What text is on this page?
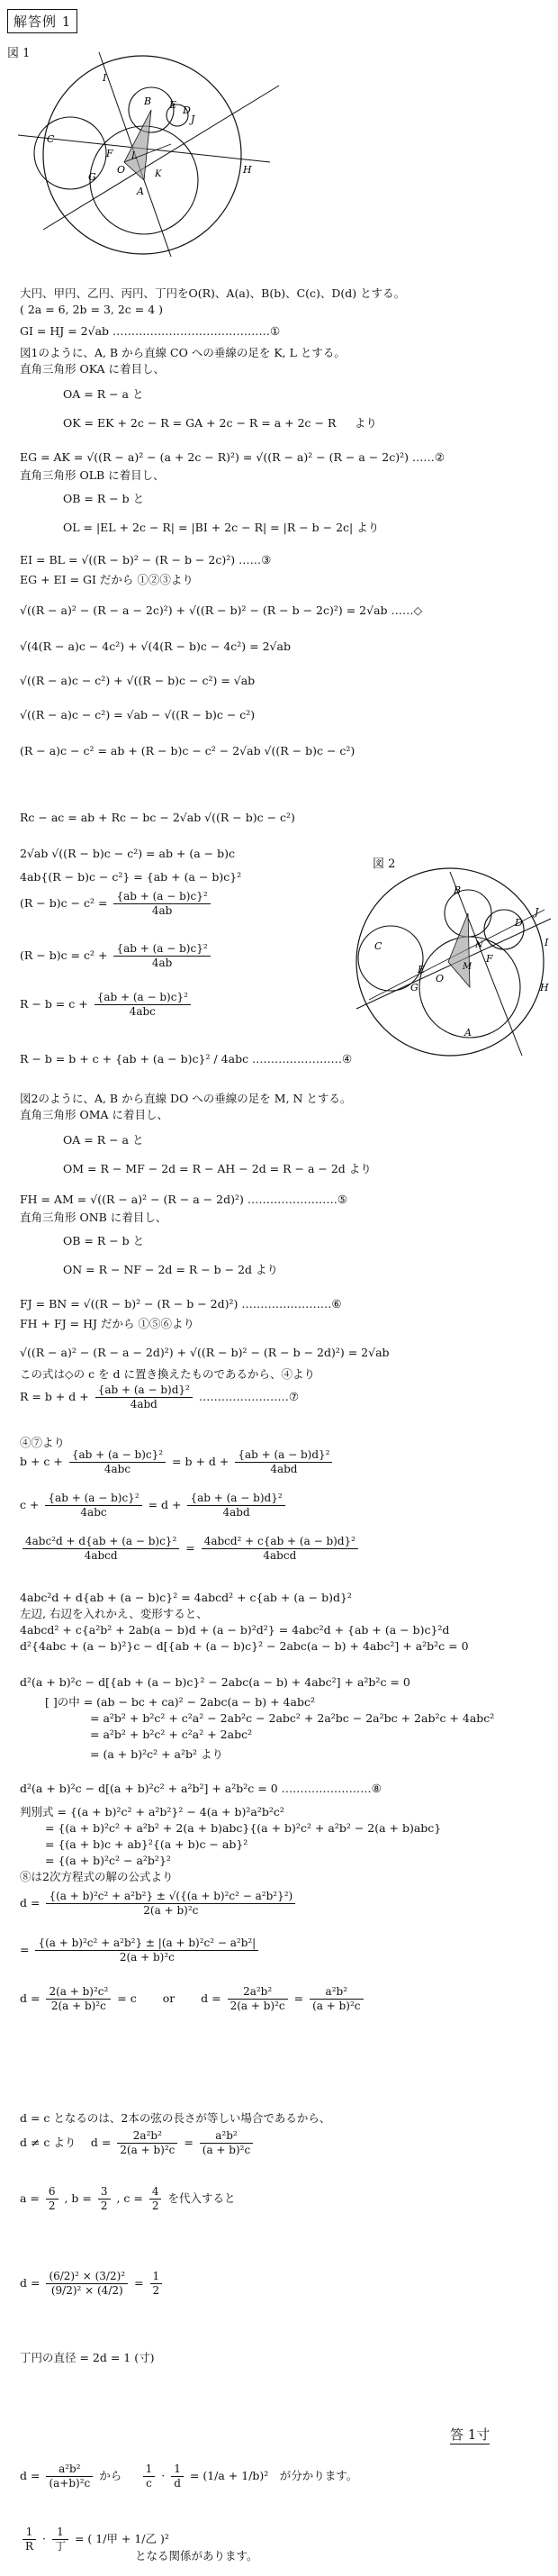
解答例 1
図 1
I
B E D
J
C
F L
K
A
G
O	H
図 2
B
D
C	N
M
J
I
E
F
G
O
H
A
大円、甲円、乙円、丙円、丁円をO(R)、A(a)、B(b)、C(c)、D(d) とする。
( 2a = 6, 2b = 3, 2c = 4 )
GI = HJ = 2√ab ……………………………………①
図1のように、A, B から直線 CO への垂線の足を K, L とする。
直角三角形 OKA に着目し、
OA = R − a と
OK = EK + 2c − R = GA + 2c − R = a + 2c − R 　 より
EG = AK = √((R − a)² − (a + 2c − R)²) = √((R − a)² − (R − a − 2c)²) ……②
直角三角形 OLB に着目し、
OB = R − b と
OL = |EL + 2c − R| = |BI + 2c − R| = |R − b − 2c| より
EI = BL = √((R − b)² − (R − b − 2c)²) ……③
EG + EI = GI だから ①②③より
√((R − a)² − (R − a − 2c)²) + √((R − b)² − (R − b − 2c)²) = 2√ab ……◇
√(4(R − a)c − 4c²) + √(4(R − b)c − 4c²) = 2√ab
√((R − a)c − c²) + √((R − b)c − c²) = √ab
√((R − a)c − c²) = √ab − √((R − b)c − c²)
(R − a)c − c² = ab + (R − b)c − c² − 2√ab √((R − b)c − c²)
Rc − ac = ab + Rc − bc − 2√ab √((R − b)c − c²)
2√ab √((R − b)c − c²) = ab + (a − b)c
4ab{(R − b)c − c²} = {ab + (a − b)c}²
R − b = b + c + {ab + (a − b)c}² / 4abc ……………………④
図2のように、A, B から直線 DO への垂線の足を M, N とする。
直角三角形 OMA に着目し、
OA = R − a と
OM = R − MF − 2d = R − AH − 2d = R − a − 2d より
FH = AM = √((R − a)² − (R − a − 2d)²) ……………………⑤
直角三角形 ONB に着目し、
OB = R − b と
ON = R − NF − 2d = R − b − 2d より
FJ = BN = √((R − b)² − (R − b − 2d)²) ……………………⑥
FH + FJ = HJ だから ①⑤⑥より
√((R − a)² − (R − a − 2d)²) + √((R − b)² − (R − b − 2d)²) = 2√ab
この式は◇の c を d に置き換えたものであるから、④より
④⑦より
4abc²d + d{ab + (a − b)c}² = 4abcd² + c{ab + (a − b)d}²
左辺, 右辺を入れかえ、変形すると、
4abcd² + c{a²b² + 2ab(a − b)d + (a − b)²d²} = 4abc²d + {ab + (a − b)c}²d
d²{4abc + (a − b)²}c − d[{ab + (a − b)c}² − 2abc(a − b) + 4abc²] + a²b²c = 0
d²(a + b)²c − d[{ab + (a − b)c}² − 2abc(a − b) + 4abc²] + a²b²c = 0
[ ]の中 = (ab − bc + ca)² − 2abc(a − b) + 4abc²
= a²b² + b²c² + c²a² − 2ab²c − 2abc² + 2a²bc − 2a²bc + 2ab²c + 4abc²
= a²b² + b²c² + c²a² + 2abc²
= (a + b)²c² + a²b² より
d²(a + b)²c − d[(a + b)²c² + a²b²] + a²b²c = 0 ……………………⑧
判別式 = {(a + b)²c² + a²b²}² − 4(a + b)²a²b²c²
= {(a + b)²c² + a²b² + 2(a + b)abc}{(a + b)²c² + a²b² − 2(a + b)abc}
= {(a + b)c + ab}²{(a + b)c − ab}²
= {(a + b)²c² − a²b²}²
⑧は2次方程式の解の公式より
d = c となるのは、2本の弦の長さが等しい場合であるから、
丁円の直径 = 2d = 1 (寸)
となる関係があります。
$(R - b)c - c^2 = \frac{\text{\{ab + (a − b)c\}²}}{4ab}$
$(R - b)c = c^2 + \frac{\text{\{ab + (a − b)c\}²}}{4ab}$
$R - b = c + \frac{\text{\{ab + (a − b)c\}²}}{\text{4abc}}$
$R = b + d + \frac{\text{\{ab + (a − b)d\}²}}{\text{4abd}}$ ……………………⑦
$b + c + \frac{\text{\{ab + (a − b)c\}²}}{\text{4abc}} = b + d + \frac{\text{\{ab + (a − b)d\}²}}{\text{4abd}}$
$c + \frac{\text{\{ab + (a − b)c\}²}}{\text{4abc}} = d + \frac{\text{\{ab + (a − b)d\}²}}{\text{4abd}}$
$\frac{\text{4abc²d + d\{ab + (a − b)c\}²}}{\text{4abcd}} = \frac{\text{4abcd² + c\{ab + (a − b)d\}²}}{\text{4abcd}}$
$d = \frac{\text{\{(a + b)²c² + a²b²\} ± √(\{(a + b)²c² − a²b²\}²)}}{\text{2(a + b)²c}}$
= $\frac{\text{\{(a + b)²c² + a²b²\} ± |(a + b)²c² − a²b²|}}{\text{2(a + b)²c}}$
$d = \frac{\text{2(a + b)²c²}}{\text{2(a + b)²c}} = c$ 　　or 　　$d = \frac{\text{2a²b²}}{\text{2(a + b)²c}} = \frac{\text{a²b²}}{\text{(a + b)²c}}$
d ≠ c より 　$d = \frac{\text{2a²b²}}{\text{2(a + b)²c}} = \frac{\text{a²b²}}{\text{(a + b)²c}}$
$a = \frac{6}{2}$ , $b = \frac{3}{2}$ , $c = \frac{4}{2}$ を代入すると
$d = \frac{\text{(6/2)² × (3/2)²}}{\text{(9/2)² × (4/2)}} = \frac{1}{2}$
$d = \frac{\text{a²b²}}{\text{(a+b)²c}}$ から 　 $\frac{1}{c} \cdot \frac{1}{d} = (1/a + 1/b)^2$　が分かります。
$\frac{1}{R} \cdot \frac{1}{\text{丁}}$ = ( 1/甲 + 1/乙 )²
答 1寸
